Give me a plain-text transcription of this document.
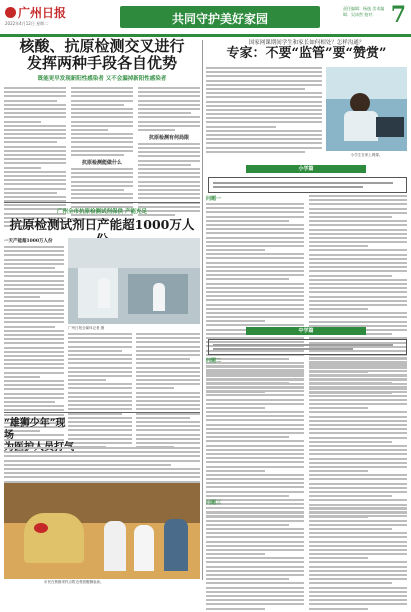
广州日报
2022年4月12日 星期二	共同守护美好家园
责任编辑：杨逸 美术编辑：吴沛然 校对： 7

核酸、抗原检测交叉进行

发挥两种手段各自优势

既能更早发现新阳性感染者 又不会漏掉新阳性感染者

抗原检测能做什么
抗原检测有何局限

广州全市抗原检测试剂保供 产能充足

抗原检测试剂日产能超1000万人

一天产能超1000万人份
广州日报全媒体记者 摄

“雄狮少年”现场

市民在核酸采样点附近观看醒狮表演。

国家网课期间学生和家长如何相处？怎样沟通？

专家：不要“监管”要“赞赏”

小学生在家上网课。
小学篇
问题一
中学篇
问题二
问题三
